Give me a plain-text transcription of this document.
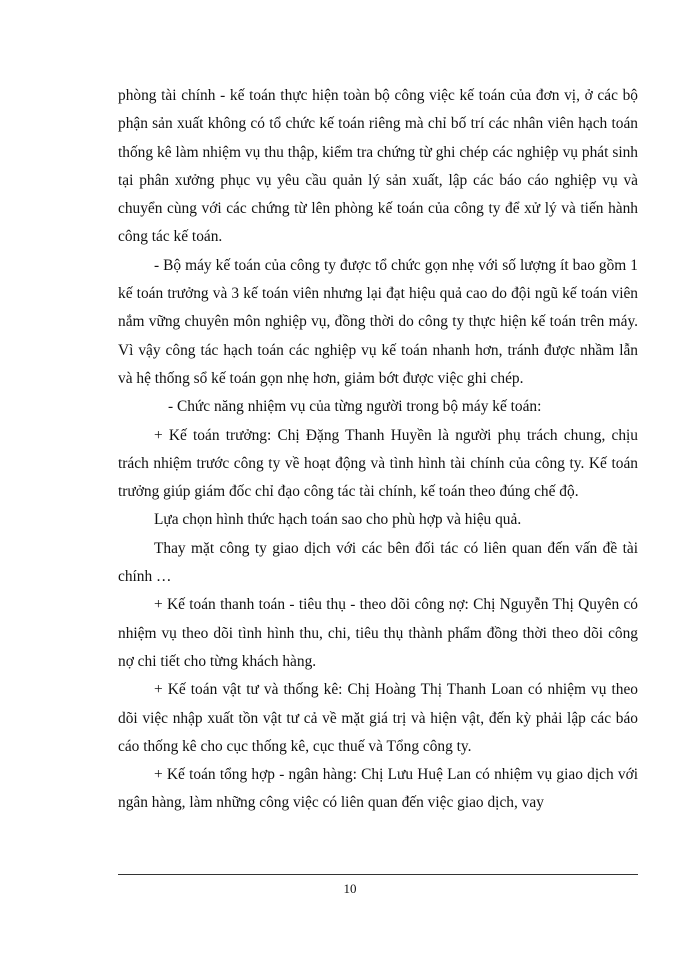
phòng tài chính - kế toán thực hiện toàn bộ công việc kế toán của đơn vị, ở các bộ phận sản xuất không có tổ chức kế toán riêng mà chỉ bố trí các nhân viên hạch toán thống kê làm nhiệm vụ thu thập, kiểm tra chứng từ ghi chép các nghiệp vụ phát sinh tại phân xưởng phục vụ yêu cầu quản lý sản xuất, lập các báo cáo nghiệp vụ và chuyển cùng với các chứng từ lên phòng kế toán của công ty để xử lý và tiến hành công tác kế toán.

- Bộ máy kế toán của công ty được tổ chức gọn nhẹ với số lượng ít bao gồm 1 kế toán trưởng và 3 kế toán viên nhưng lại đạt hiệu quả cao do đội ngũ kế toán viên nắm vững chuyên môn nghiệp vụ, đồng thời do công ty thực hiện kế toán trên máy. Vì vậy công tác hạch toán các nghiệp vụ kế toán nhanh hơn, tránh được nhầm lẫn và hệ thống sổ kế toán gọn nhẹ hơn, giảm bớt được việc ghi chép.

- Chức năng nhiệm vụ của từng người trong bộ máy kế toán:

+ Kế toán trưởng: Chị Đặng Thanh Huyền là người phụ trách chung, chịu trách nhiệm trước công ty về hoạt động và tình hình tài chính của công ty. Kế toán trưởng giúp giám đốc chỉ đạo công tác tài chính, kế toán theo đúng chế độ.

Lựa chọn hình thức hạch toán sao cho phù hợp và hiệu quả.

Thay mặt công ty giao dịch với các bên đối tác có liên quan đến vấn đề tài chính …

+ Kế toán thanh toán - tiêu thụ - theo dõi công nợ: Chị Nguyễn Thị Quyên có nhiệm vụ theo dõi tình hình thu, chi, tiêu thụ thành phẩm đồng thời theo dõi công nợ chi tiết cho từng khách hàng.

+ Kế toán vật tư và thống kê: Chị Hoàng Thị Thanh Loan có nhiệm vụ theo dõi việc nhập xuất tồn vật tư cả về mặt giá trị và hiện vật, đến kỳ phải lập các báo cáo thống kê cho cục thống kê, cục thuế và Tổng công ty.

+ Kế toán tổng hợp - ngân hàng: Chị Lưu Huệ Lan có nhiệm vụ giao dịch với ngân hàng, làm những công việc có liên quan đến việc giao dịch, vay

10
